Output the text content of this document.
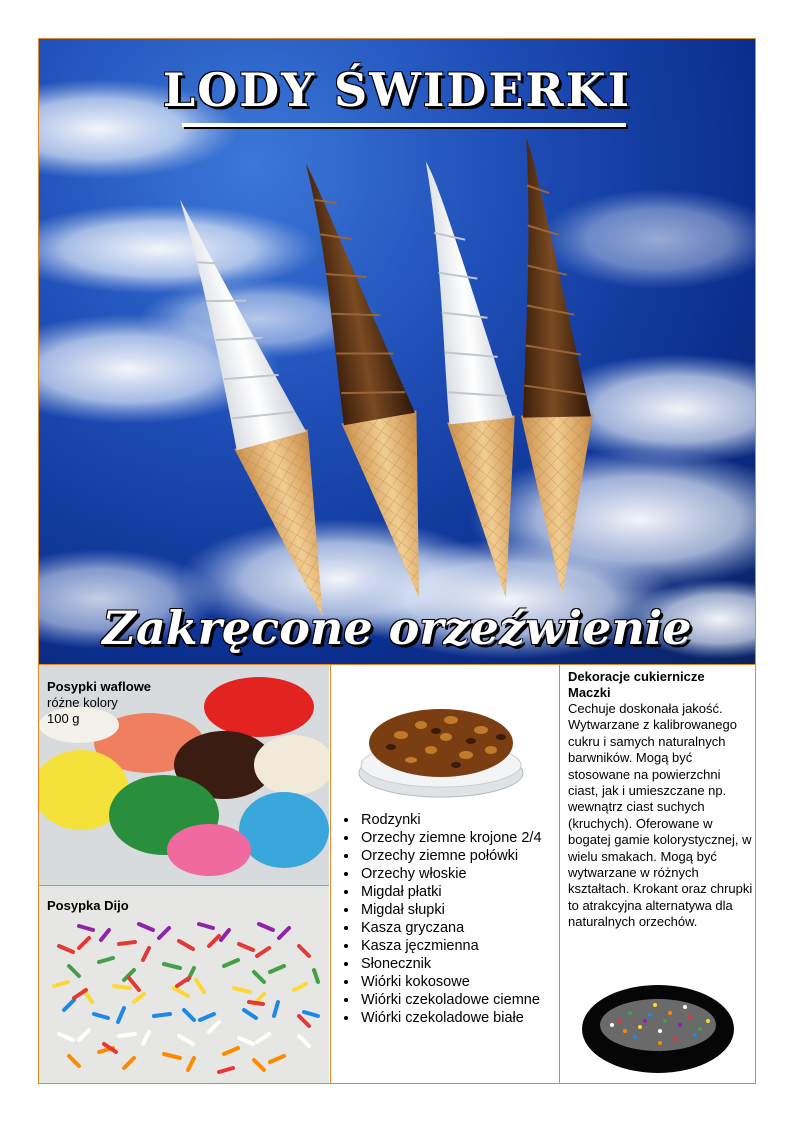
LODY ŚWIDERKI
Zakręcone orzeźwienie
Posypki waflowe
różne kolory
100 g
Posypka Dijo
• Rodzynki
• Orzechy ziemne krojone 2/4
• Orzechy ziemne połówki
• Orzechy włoskie
• Migdał płatki
• Migdał słupki
• Kasza gryczana
• Kasza jęczmienna
• Słonecznik
• Wiórki kokosowe
• Wiórki czekoladowe ciemne
• Wiórki czekoladowe białe
Dekoracje cukiernicze
Maczki
Cechuje doskonała jakość. Wytwarzane z kalibrowanego cukru i samych naturalnych barwników. Mogą być stosowane na powierzchni ciast, jak i umieszczane np. wewnątrz ciast suchych (kruchych). Oferowane w bogatej gamie kolorystycznej, w wielu smakach. Mogą być wytwarzane w różnych kształtach. Krokant oraz chrupki to atrakcyjna alternatywa dla naturalnych orzechów.
